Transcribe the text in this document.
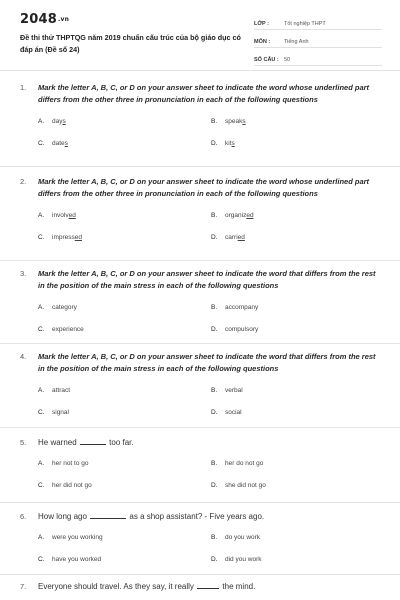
2048.vn
Đề thi thử THPTQG năm 2019 chuẩn cấu trúc của bộ giáo dục có đáp án (Đề số 24)
LỚP :	Tốt nghiệp THPT
MÔN :	Tiếng Anh
SỐ CÂU : 50
1.	Mark the letter A, B, C, or D on your answer sheet to indicate the word whose underlined part differs from the other three in pronunciation in each of the following questions
A.	days	B.	speaks
C.	dates	D.	kits
2.	Mark the letter A, B, C, or D on your answer sheet to indicate the word whose underlined part differs from the other three in pronunciation in each of the following questions
A.	involved	B.	organized
C.	impressed	D.	carried
3.	Mark the letter A, B, C, or D on your answer sheet to indicate the word that differs from the rest in the position of the main stress in each of the following questions
A.	category	B.	accompany
C.	experience	D.	compulsory
4.	Mark the letter A, B, C, or D on your answer sheet to indicate the word that differs from the rest in the position of the main stress in each of the following questions
A.	attract	B.	verbal
C.	signal	D.	social
5.	He warned	too far.
A.	her not to go	B.	her do not go
C.	her did not go	D.	she did not go
6.	How long ago	as a shop assistant? - Five years ago.
A.	were you working	B.	do you work
C.	have you worked	D.	did you work
7.	Everyone should travel. As they say, it really	the mind.
